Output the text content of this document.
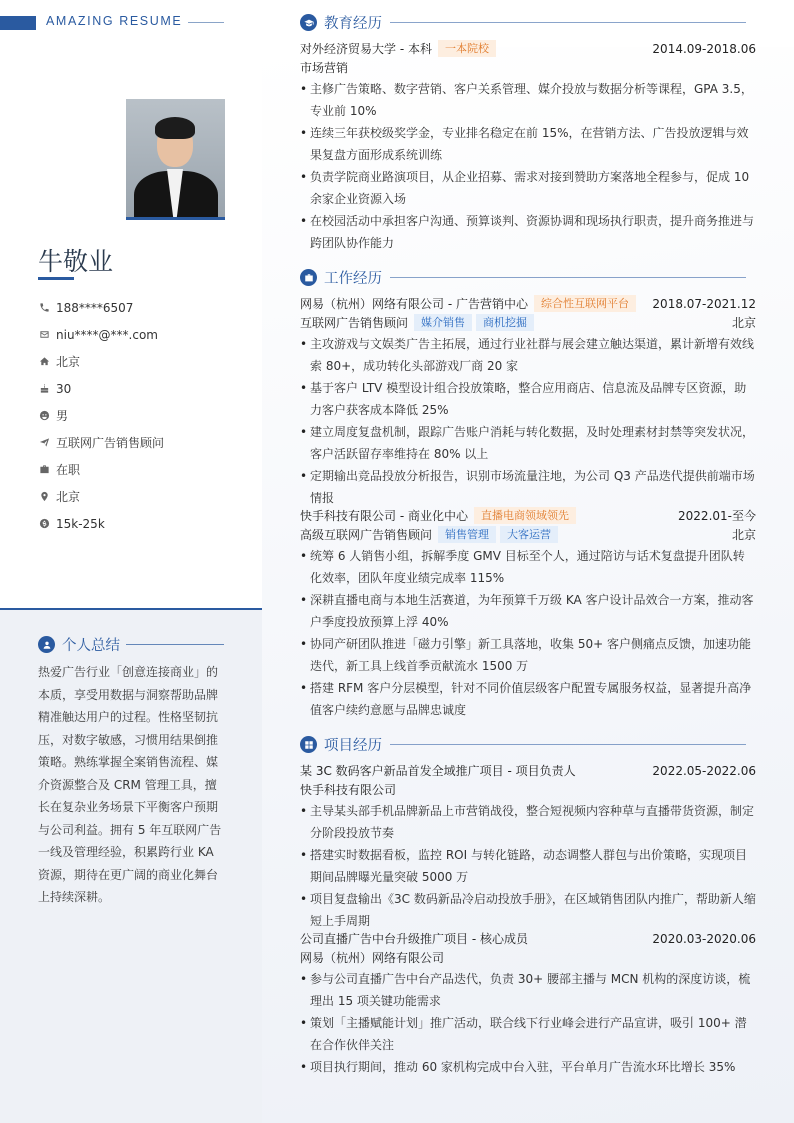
AMAZING RESUME
牛敬业
188****6507
niu****@***.com
北京
30
男
互联网广告销售顾问
在职
北京
15k-25k
个人总结
热爱广告行业「创意连接商业」的本质，享受用数据与洞察帮助品牌精准触达用户的过程。性格坚韧抗压，对数字敏感，习惯用结果倒推策略。熟练掌握全案销售流程、媒介资源整合及 CRM 管理工具，擅长在复杂业务场景下平衡客户预期与公司利益。拥有 5 年互联网广告一线及管理经验，积累跨行业 KA 资源，期待在更广阔的商业化舞台上持续深耕。
教育经历
对外经济贸易大学 - 本科	一本院校	2014.09-2018.06
市场营销
• 主修广告策略、数字营销、客户关系管理、媒介投放与数据分析等课程，GPA 3.5，专业前 10%
• 连续三年获校级奖学金，专业排名稳定在前 15%，在营销方法、广告投放逻辑与效果复盘方面形成系统训练
• 负责学院商业路演项目，从企业招募、需求对接到赞助方案落地全程参与，促成 10 余家企业资源入场
• 在校园活动中承担客户沟通、预算谈判、资源协调和现场执行职责，提升商务推进与跨团队协作能力
工作经历
网易（杭州）网络有限公司 - 广告营销中心	综合性互联网平台	2018.07-2021.12
互联网广告销售顾问	媒介销售	商机挖掘	北京
• 主攻游戏与文娱类广告主拓展，通过行业社群与展会建立触达渠道，累计新增有效线索 80+，成功转化头部游戏厂商 20 家
• 基于客户 LTV 模型设计组合投放策略，整合应用商店、信息流及品牌专区资源，助力客户获客成本降低 25%
• 建立周度复盘机制，跟踪广告账户消耗与转化数据，及时处理素材封禁等突发状况，客户活跃留存率维持在 80% 以上
• 定期输出竞品投放分析报告，识别市场流量注地，为公司 Q3 产品迭代提供前端市场情报
快手科技有限公司 - 商业化中心	直播电商领域领先	2022.01-至今
高级互联网广告销售顾问	销售管理	大客运营	北京
• 统筹 6 人销售小组，拆解季度 GMV 目标至个人，通过陪访与话术复盘提升团队转化效率，团队年度业绩完成率 115%
• 深耕直播电商与本地生活赛道，为年预算千万级 KA 客户设计品效合一方案，推动客户季度投放预算上浮 40%
• 协同产研团队推进「磁力引擎」新工具落地，收集 50+ 客户侧痛点反馈，加速功能迭代，新工具上线首季贡献流水 1500 万
• 搭建 RFM 客户分层模型，针对不同价值层级客户配置专属服务权益，显著提升高净值客户续约意愿与品牌忠诚度
项目经历
某 3C 数码客户新品首发全域推广项目 - 项目负责人	2022.05-2022.06
快手科技有限公司
• 主导某头部手机品牌新品上市营销战役，整合短视频内容种草与直播带货资源，制定分阶段投放节奏
• 搭建实时数据看板，监控 ROI 与转化链路，动态调整人群包与出价策略，实现项目期间品牌曝光量突破 5000 万
• 项目复盘输出《3C 数码新品冷启动投放手册》，在区域销售团队内推广，帮助新人缩短上手周期
公司直播广告中台升级推广项目 - 核心成员	2020.03-2020.06
网易（杭州）网络有限公司
• 参与公司直播广告中台产品迭代，负责 30+ 腰部主播与 MCN 机构的深度访谈，梳理出 15 项关键功能需求
• 策划「主播赋能计划」推广活动，联合线下行业峰会进行产品宣讲，吸引 100+ 潜在合作伙伴关注
• 项目执行期间，推动 60 家机构完成中台入驻，平台单月广告流水环比增长 35%
